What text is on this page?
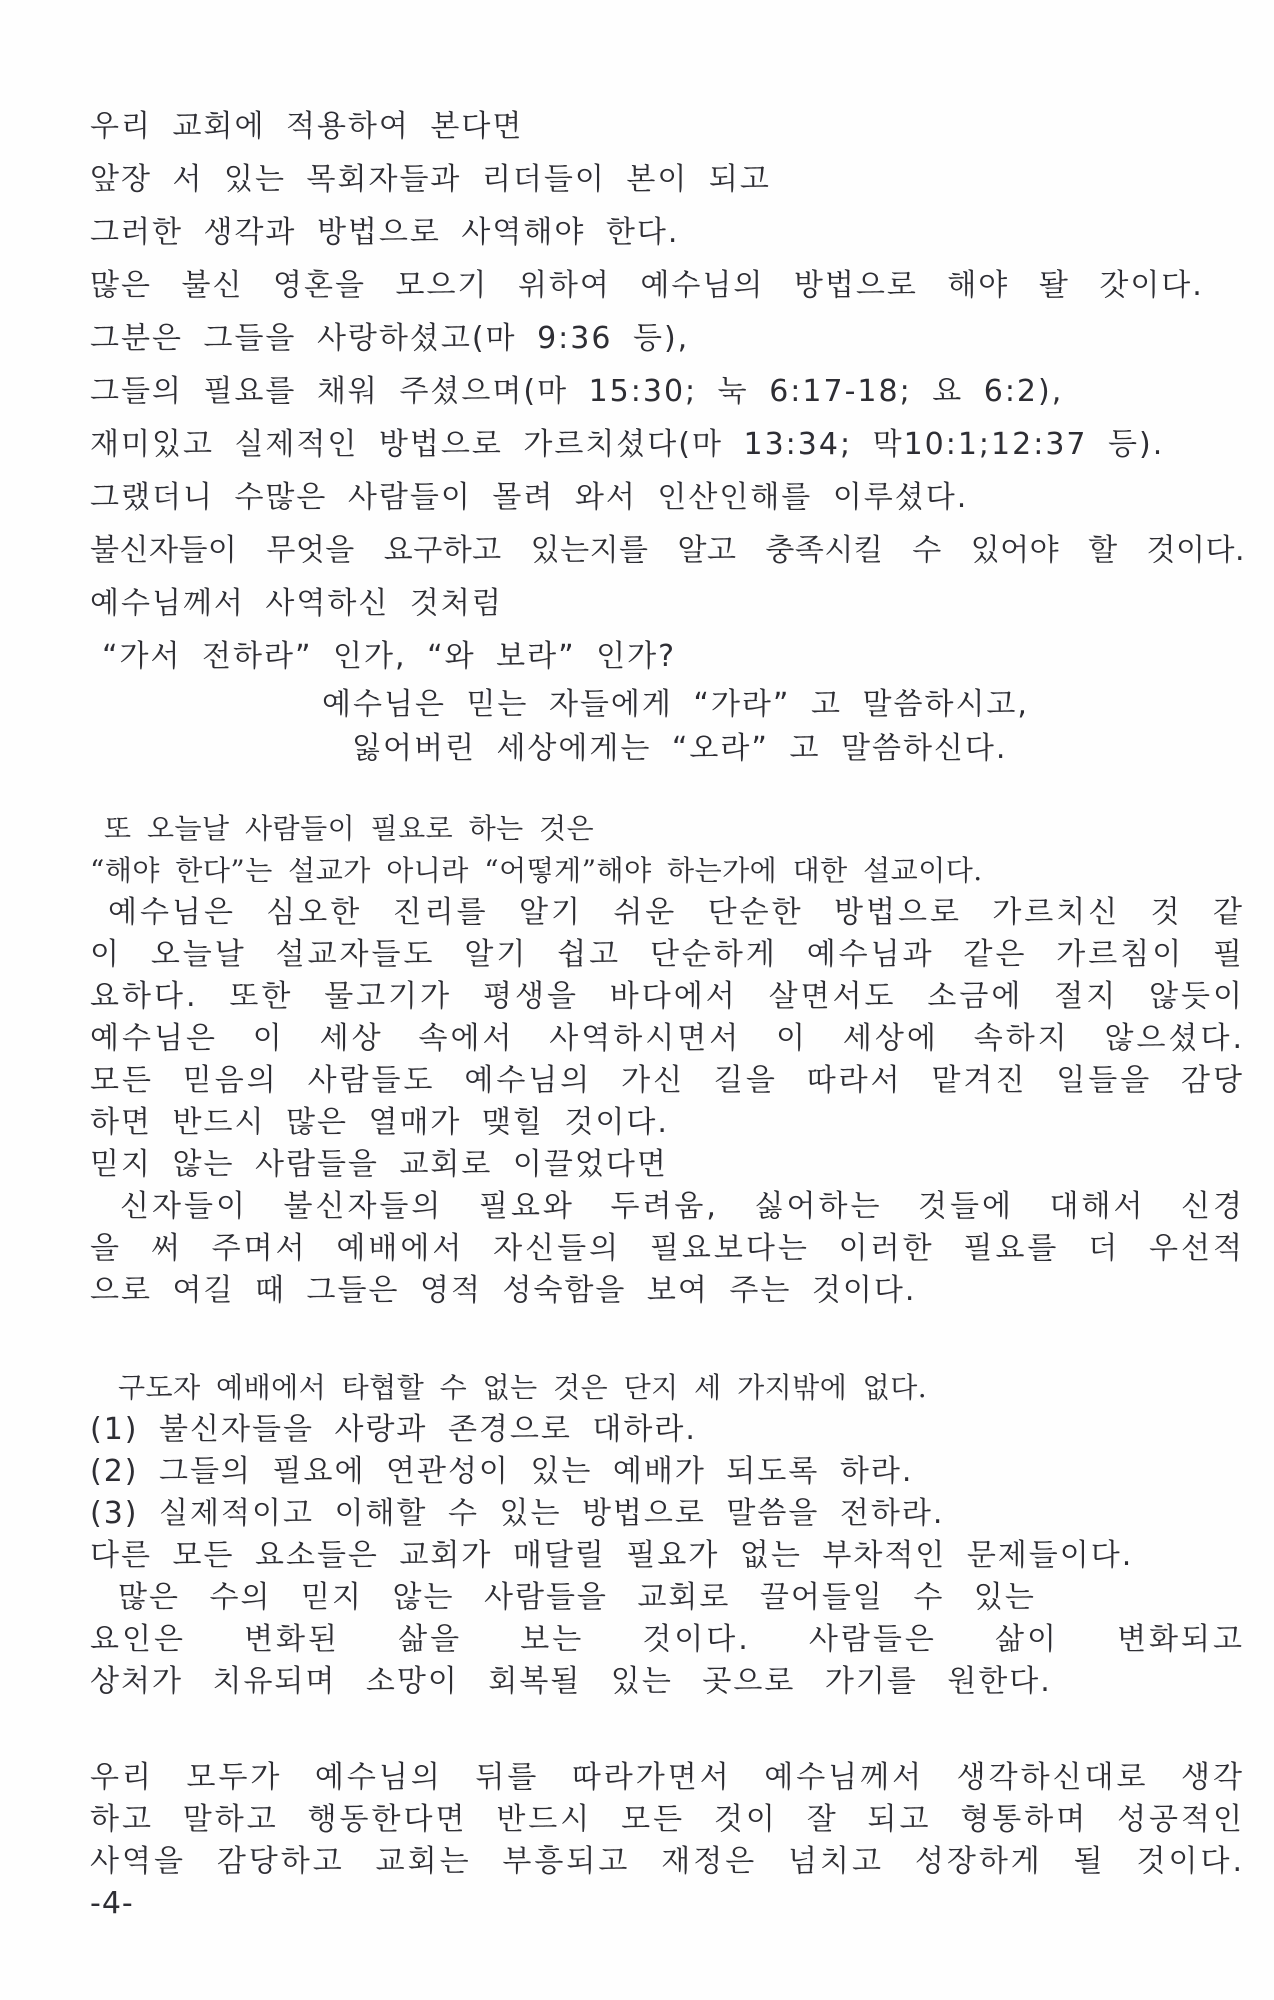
우리 교회에 적용하여 본다면
앞장 서 있는 목회자들과 리더들이 본이 되고
그러한 생각과 방법으로 사역해야 한다.
많은 불신 영혼을 모으기 위하여 예수님의 방법으로 해야 돨 갓이다.
그분은 그들을 사랑하셨고(마 9:36 등),
그들의 필요를 채워 주셨으며(마 15:30; 눅 6:17-18; 요 6:2),
재미있고 실제적인 방법으로 가르치셨다(마 13:34; 막10:1;12:37 등).
그랬더니 수많은 사람들이 몰려 와서 인산인해를 이루셨다.
불신자들이 무엇을 요구하고 있는지를 알고 충족시킬 수 있어야 할 것이다.
예수님께서 사역하신 것처럼
“가서 전하라” 인가, “와 보라” 인가?
예수님은 믿는 자들에게 “가라” 고 말씀하시고,
잃어버린 세상에게는 “오라” 고 말씀하신다.
또 오늘날 사람들이 필요로 하는 것은
“해야 한다”는 설교가 아니라 “어떻게”해야 하는가에 대한 설교이다.
예수님은 심오한 진리를 알기 쉬운 단순한 방법으로 가르치신 것 같
이 오늘날 설교자들도 알기 쉽고 단순하게 예수님과 같은 가르침이 필
요하다. 또한 물고기가 평생을 바다에서 살면서도 소금에 절지 않듯이
예수님은 이 세상 속에서 사역하시면서 이 세상에 속하지 않으셨다.
모든 믿음의 사람들도 예수님의 가신 길을 따라서 맡겨진 일들을 감당
하면 반드시 많은 열매가 맺힐 것이다.
믿지 않는 사람들을 교회로 이끌었다면
신자들이 불신자들의 필요와 두려움, 싫어하는 것들에 대해서 신경
을 써 주며서 예배에서 자신들의 필요보다는 이러한 필요를 더 우선적
으로 여길 때 그들은 영적 성숙함을 보여 주는 것이다.
구도자 예배에서 타협할 수 없는 것은 단지 세 가지밖에 없다.
(1) 불신자들을 사랑과 존경으로 대하라.
(2) 그들의 필요에 연관성이 있는 예배가 되도록 하라.
(3) 실제적이고 이해할 수 있는 방법으로 말씀을 전하라.
다른 모든 요소들은 교회가 매달릴 필요가 없는 부차적인 문제들이다.
많은 수의 믿지 않는 사람들을 교회로 끌어들일 수 있는
요인은 변화된 삶을 보는 것이다. 사람들은 삶이 변화되고
상처가 치유되며 소망이 회복될 있는 곳으로 가기를 원한다.
우리 모두가 예수님의 뒤를 따라가면서 예수님께서 생각하신대로 생각
하고 말하고 행동한다면 반드시 모든 것이 잘 되고 형통하며 성공적인
사역을 감당하고 교회는 부흥되고 재정은 넘치고 성장하게 될 것이다.
-4-
